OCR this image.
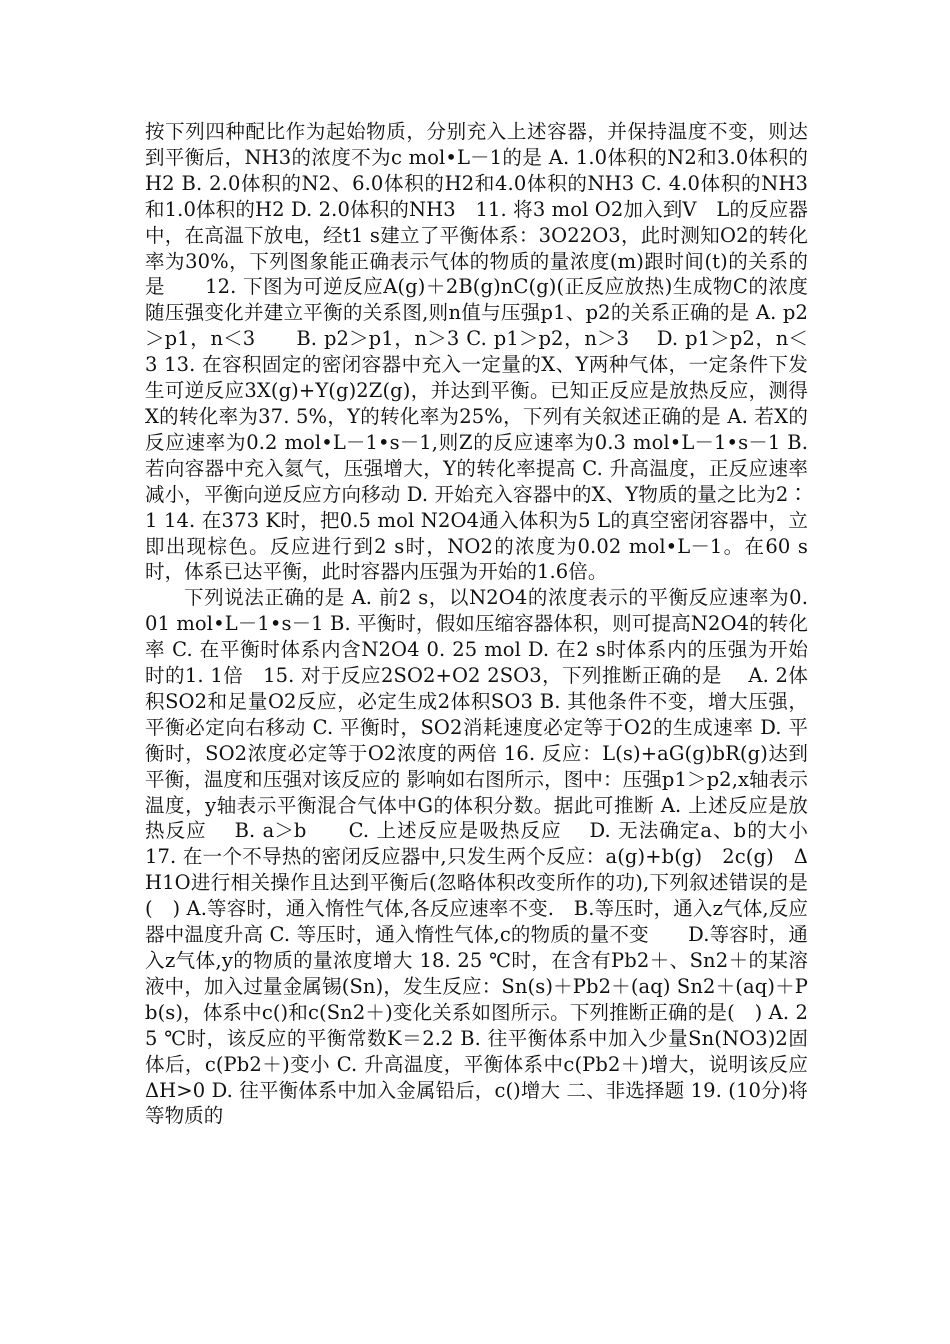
按下列四种配比作为起始物质，分别充入上述容器，并保持温度不变，则达到平衡后，NH3的浓度不为c mol•L－1的是 A. 1.0体积的N2和3.0体积的H2 B. 2.0体积的N2、6.0体积的H2和4.0体积的NH3 C. 4.0体积的NH3和1.0体积的H2 D. 2.0体积的NH3　11. 将3 mol O2加入到V　L的反应器中，在高温下放电，经t1 s建立了平衡体系：3O22O3，此时测知O2的转化率为30%，下列图象能正确表示气体的物质的量浓度(m)跟时间(t)的关系的是　　12. 下图为可逆反应A(g)＋2B(g)nC(g)(正反应放热)生成物C的浓度随压强变化并建立平衡的关系图,则n值与压强p1、p2的关系正确的是 A. p2＞p1，n＜3　　B. p2＞p1，n＞3 C. p1＞p2，n＞3　 D. p1＞p2，n＜3 13. 在容积固定的密闭容器中充入一定量的X、Y两种气体，一定条件下发生可逆反应3X(g)+Y(g)2Z(g)，并达到平衡。已知正反应是放热反应，测得X的转化率为37. 5%，Y的转化率为25%，下列有关叙述正确的是 A. 若X的反应速率为0.2 mol•L－1•s－1,则Z的反应速率为0.3 mol•L－1•s－1 B. 若向容器中充入氦气，压强增大，Y的转化率提高 C. 升高温度，正反应速率减小，平衡向逆反应方向移动 D. 开始充入容器中的X、Y物质的量之比为2∶1 14. 在373 K时，把0.5 mol N2O4通入体积为5 L的真空密闭容器中，立即出现棕色。反应进行到2 s时，NO2的浓度为0.02 mol•L－1。在60 s时，体系已达平衡，此时容器内压强为开始的1.6倍。

下列说法正确的是 A. 前2 s，以N2O4的浓度表示的平衡反应速率为0. 01 mol•L－1•s－1 B. 平衡时，假如压缩容器体积，则可提高N2O4的转化率 C. 在平衡时体系内含N2O4 0. 25 mol D. 在2 s时体系内的压强为开始时的1. 1倍　15. 对于反应2SO2+O2 2SO3，下列推断正确的是　 A. 2体积SO2和足量O2反应，必定生成2体积SO3 B. 其他条件不变，增大压强，平衡必定向右移动 C. 平衡时，SO2消耗速度必定等于O2的生成速率 D. 平衡时，SO2浓度必定等于O2浓度的两倍 16. 反应：L(s)+aG(g)bR(g)达到平衡，温度和压强对该反应的 影响如右图所示，图中：压强p1＞p2,x轴表示温度，y轴表示平衡混合气体中G的体积分数。据此可推断 A. 上述反应是放热反应　 B. a＞b　　C. 上述反应是吸热反应　 D. 无法确定a、b的大小　 17. 在一个不导热的密闭反应器中,只发生两个反应：a(g)+b(g)　2c(g)　ΔH1O进行相关操作且达到平衡后(忽略体积改变所作的功),下列叙述错误的是(　) A.等容时，通入惰性气体,各反应速率不变.　B.等压时，通入z气体,反应器中温度升高 C. 等压时，通入惰性气体,c的物质的量不变　　D.等容时，通入z气体,y的物质的量浓度增大 18. 25 ℃时，在含有Pb2＋、Sn2＋的某溶液中，加入过量金属锡(Sn)，发生反应：Sn(s)＋Pb2＋(aq) Sn2＋(aq)＋Pb(s)，体系中c()和c(Sn2＋)变化关系如图所示。下列推断正确的是(　) A. 25 ℃时，该反应的平衡常数K＝2.2 B. 往平衡体系中加入少量Sn(NO3)2固体后，c(Pb2＋)变小 C. 升高温度，平衡体系中c(Pb2＋)增大，说明该反应ΔH>0 D. 往平衡体系中加入金属铅后，c()增大 二、非选择题 19. (10分)将等物质的
